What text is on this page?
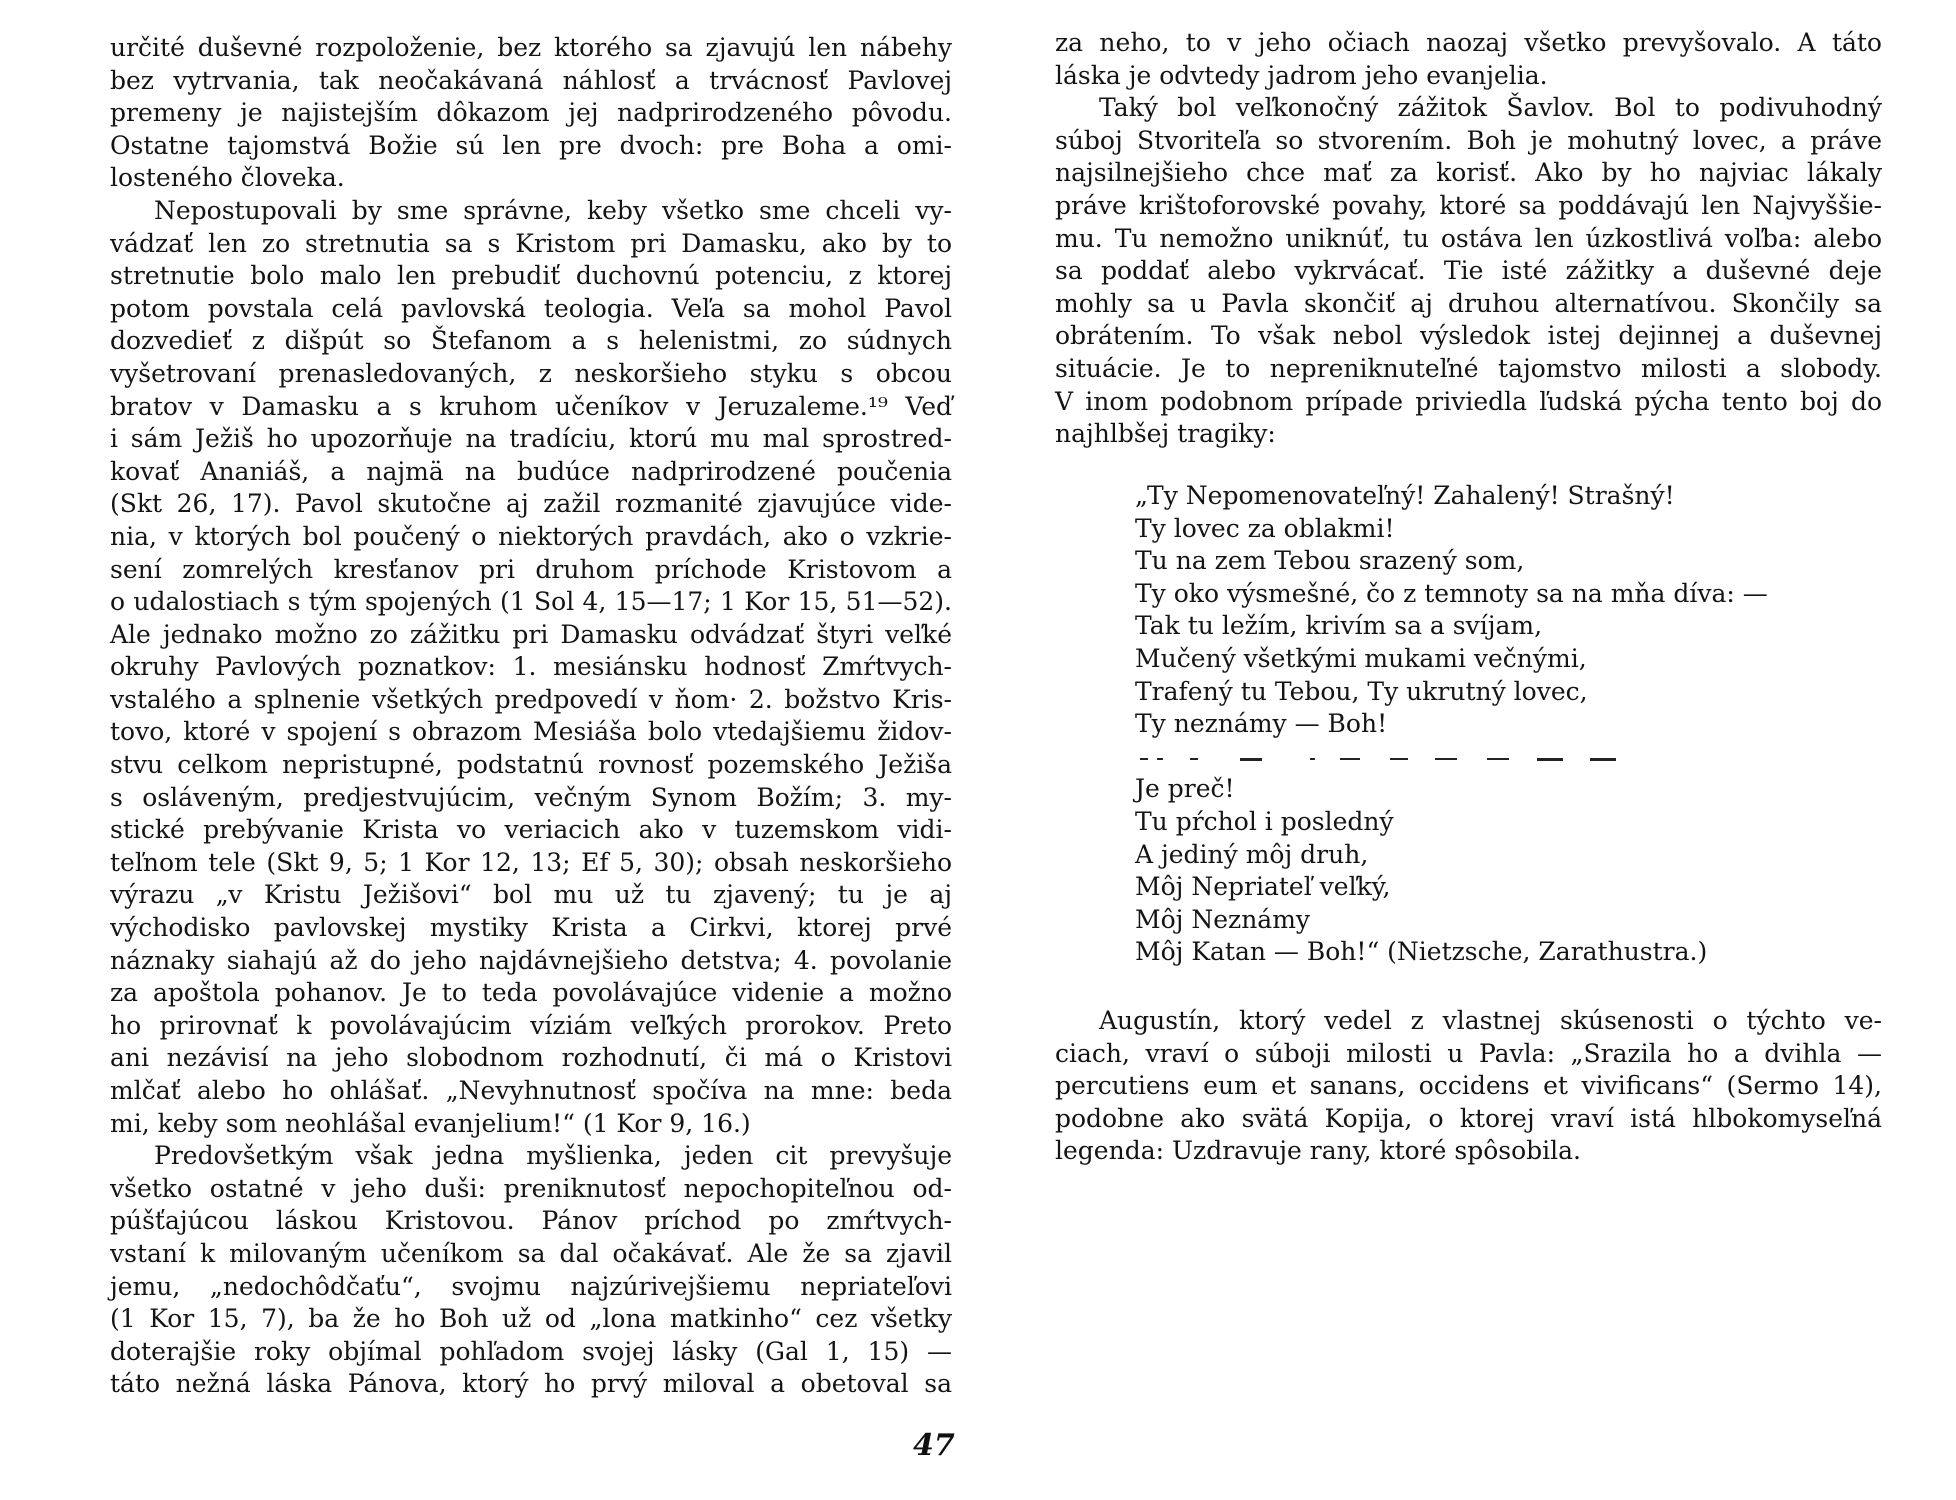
určité duševné rozpoloženie, bez ktorého sa zjavujú len nábehy
bez vytrvania, tak neočakávaná náhlosť a trvácnosť Pavlovej
premeny je najistejším dôkazom jej nadprirodzeného pôvodu.
Ostatne tajomstvá Božie sú len pre dvoch: pre Boha a omi-
losteného človeka.
Nepostupovali by sme správne, keby všetko sme chceli vy-
vádzať len zo stretnutia sa s Kristom pri Damasku, ako by to
stretnutie bolo malo len prebudiť duchovnú potenciu, z ktorej
potom povstala celá pavlovská teologia. Veľa sa mohol Pavol
dozvedieť z dišpút so Štefanom a s helenistmi, zo súdnych
vyšetrovaní prenasledovaných, z neskoršieho styku s obcou
bratov v Damasku a s kruhom učeníkov v Jeruzaleme.¹⁹ Veď
i sám Ježiš ho upozorňuje na tradíciu, ktorú mu mal sprostred-
kovať Ananiáš, a najmä na budúce nadprirodzené poučenia
(Skt 26, 17). Pavol skutočne aj zažil rozmanité zjavujúce vide-
nia, v ktorých bol poučený o niektorých pravdách, ako o vzkrie-
sení zomrelých kresťanov pri druhom príchode Kristovom a
o udalostiach s tým spojených (1 Sol 4, 15—17; 1 Kor 15, 51—52).
Ale jednako možno zo zážitku pri Damasku odvádzať štyri veľké
okruhy Pavlových poznatkov: 1. mesiánsku hodnosť Zmŕtvych-
vstalého a splnenie všetkých predpovedí v ňom· 2. božstvo Kris-
tovo, ktoré v spojení s obrazom Mesiáša bolo vtedajšiemu židov-
stvu celkom nepristupné, podstatnú rovnosť pozemského Ježiša
s osláveným, predjestvujúcim, večným Synom Božím; 3. my-
stické prebývanie Krista vo veriacich ako v tuzemskom vidi-
teľnom tele (Skt 9, 5; 1 Kor 12, 13; Ef 5, 30); obsah neskoršieho
výrazu „v Kristu Ježišovi“ bol mu už tu zjavený; tu je aj
východisko pavlovskej mystiky Krista a Cirkvi, ktorej prvé
náznaky siahajú až do jeho najdávnejšieho detstva; 4. povolanie
za apoštola pohanov. Je to teda povolávajúce videnie a možno
ho prirovnať k povolávajúcim víziám veľkých prorokov. Preto
ani nezávisí na jeho slobodnom rozhodnutí, či má o Kristovi
mlčať alebo ho ohlášať. „Nevyhnutnosť spočíva na mne: beda
mi, keby som neohlášal evanjelium!“ (1 Kor 9, 16.)
Predovšetkým však jedna myšlienka, jeden cit prevyšuje
všetko ostatné v jeho duši: preniknutosť nepochopiteľnou od-
púšťajúcou láskou Kristovou. Pánov príchod po zmŕtvych-
vstaní k milovaným učeníkom sa dal očakávať. Ale že sa zjavil
jemu, „nedochôdčaťu“, svojmu najzúrivejšiemu nepriateľovi
(1 Kor 15, 7), ba že ho Boh už od „lona matkinho“ cez všetky
doterajšie roky objímal pohľadom svojej lásky (Gal 1, 15) —
táto nežná láska Pánova, ktorý ho prvý miloval a obetoval sa
47
za neho, to v jeho očiach naozaj všetko prevyšovalo. A táto
láska je odvtedy jadrom jeho evanjelia.
Taký bol veľkonočný zážitok Šavlov. Bol to podivuhodný
súboj Stvoriteľa so stvorením. Boh je mohutný lovec, a práve
najsilnejšieho chce mať za korisť. Ako by ho najviac lákaly
práve krištoforovské povahy, ktoré sa poddávajú len Najvyššie-
mu. Tu nemožno uniknúť, tu ostáva len úzkostlivá voľba: alebo
sa poddať alebo vykrvácať. Tie isté zážitky a duševné deje
mohly sa u Pavla skončiť aj druhou alternatívou. Skončily sa
obrátením. To však nebol výsledok istej dejinnej a duševnej
situácie. Je to nepreniknuteľné tajomstvo milosti a slobody.
V inom podobnom prípade priviedla ľudská pýcha tento boj do
najhlbšej tragiky:
„Ty Nepomenovateľný! Zahalený! Strašný!
Ty lovec za oblakmi!
Tu na zem Tebou srazený som,
Ty oko výsmešné, čo z temnoty sa na mňa díva: —
Tak tu ležím, krivím sa a svíjam,
Mučený všetkými mukami večnými,
Trafený tu Tebou, Ty ukrutný lovec,
Ty neznámy — Boh!
Je preč!
Tu pŕchol i posledný
A jediný môj druh,
Môj Nepriateľ veľký,
Môj Neznámy
Môj Katan — Boh!“ (Nietzsche, Zarathustra.)
Augustín, ktorý vedel z vlastnej skúsenosti o týchto ve-
ciach, vraví o súboji milosti u Pavla: „Srazila ho a dvihla —
percutiens eum et sanans, occidens et vivificans“ (Sermo 14),
podobne ako svätá Kopija, o ktorej vraví istá hlbokomyseľná
legenda: Uzdravuje rany, ktoré spôsobila.
